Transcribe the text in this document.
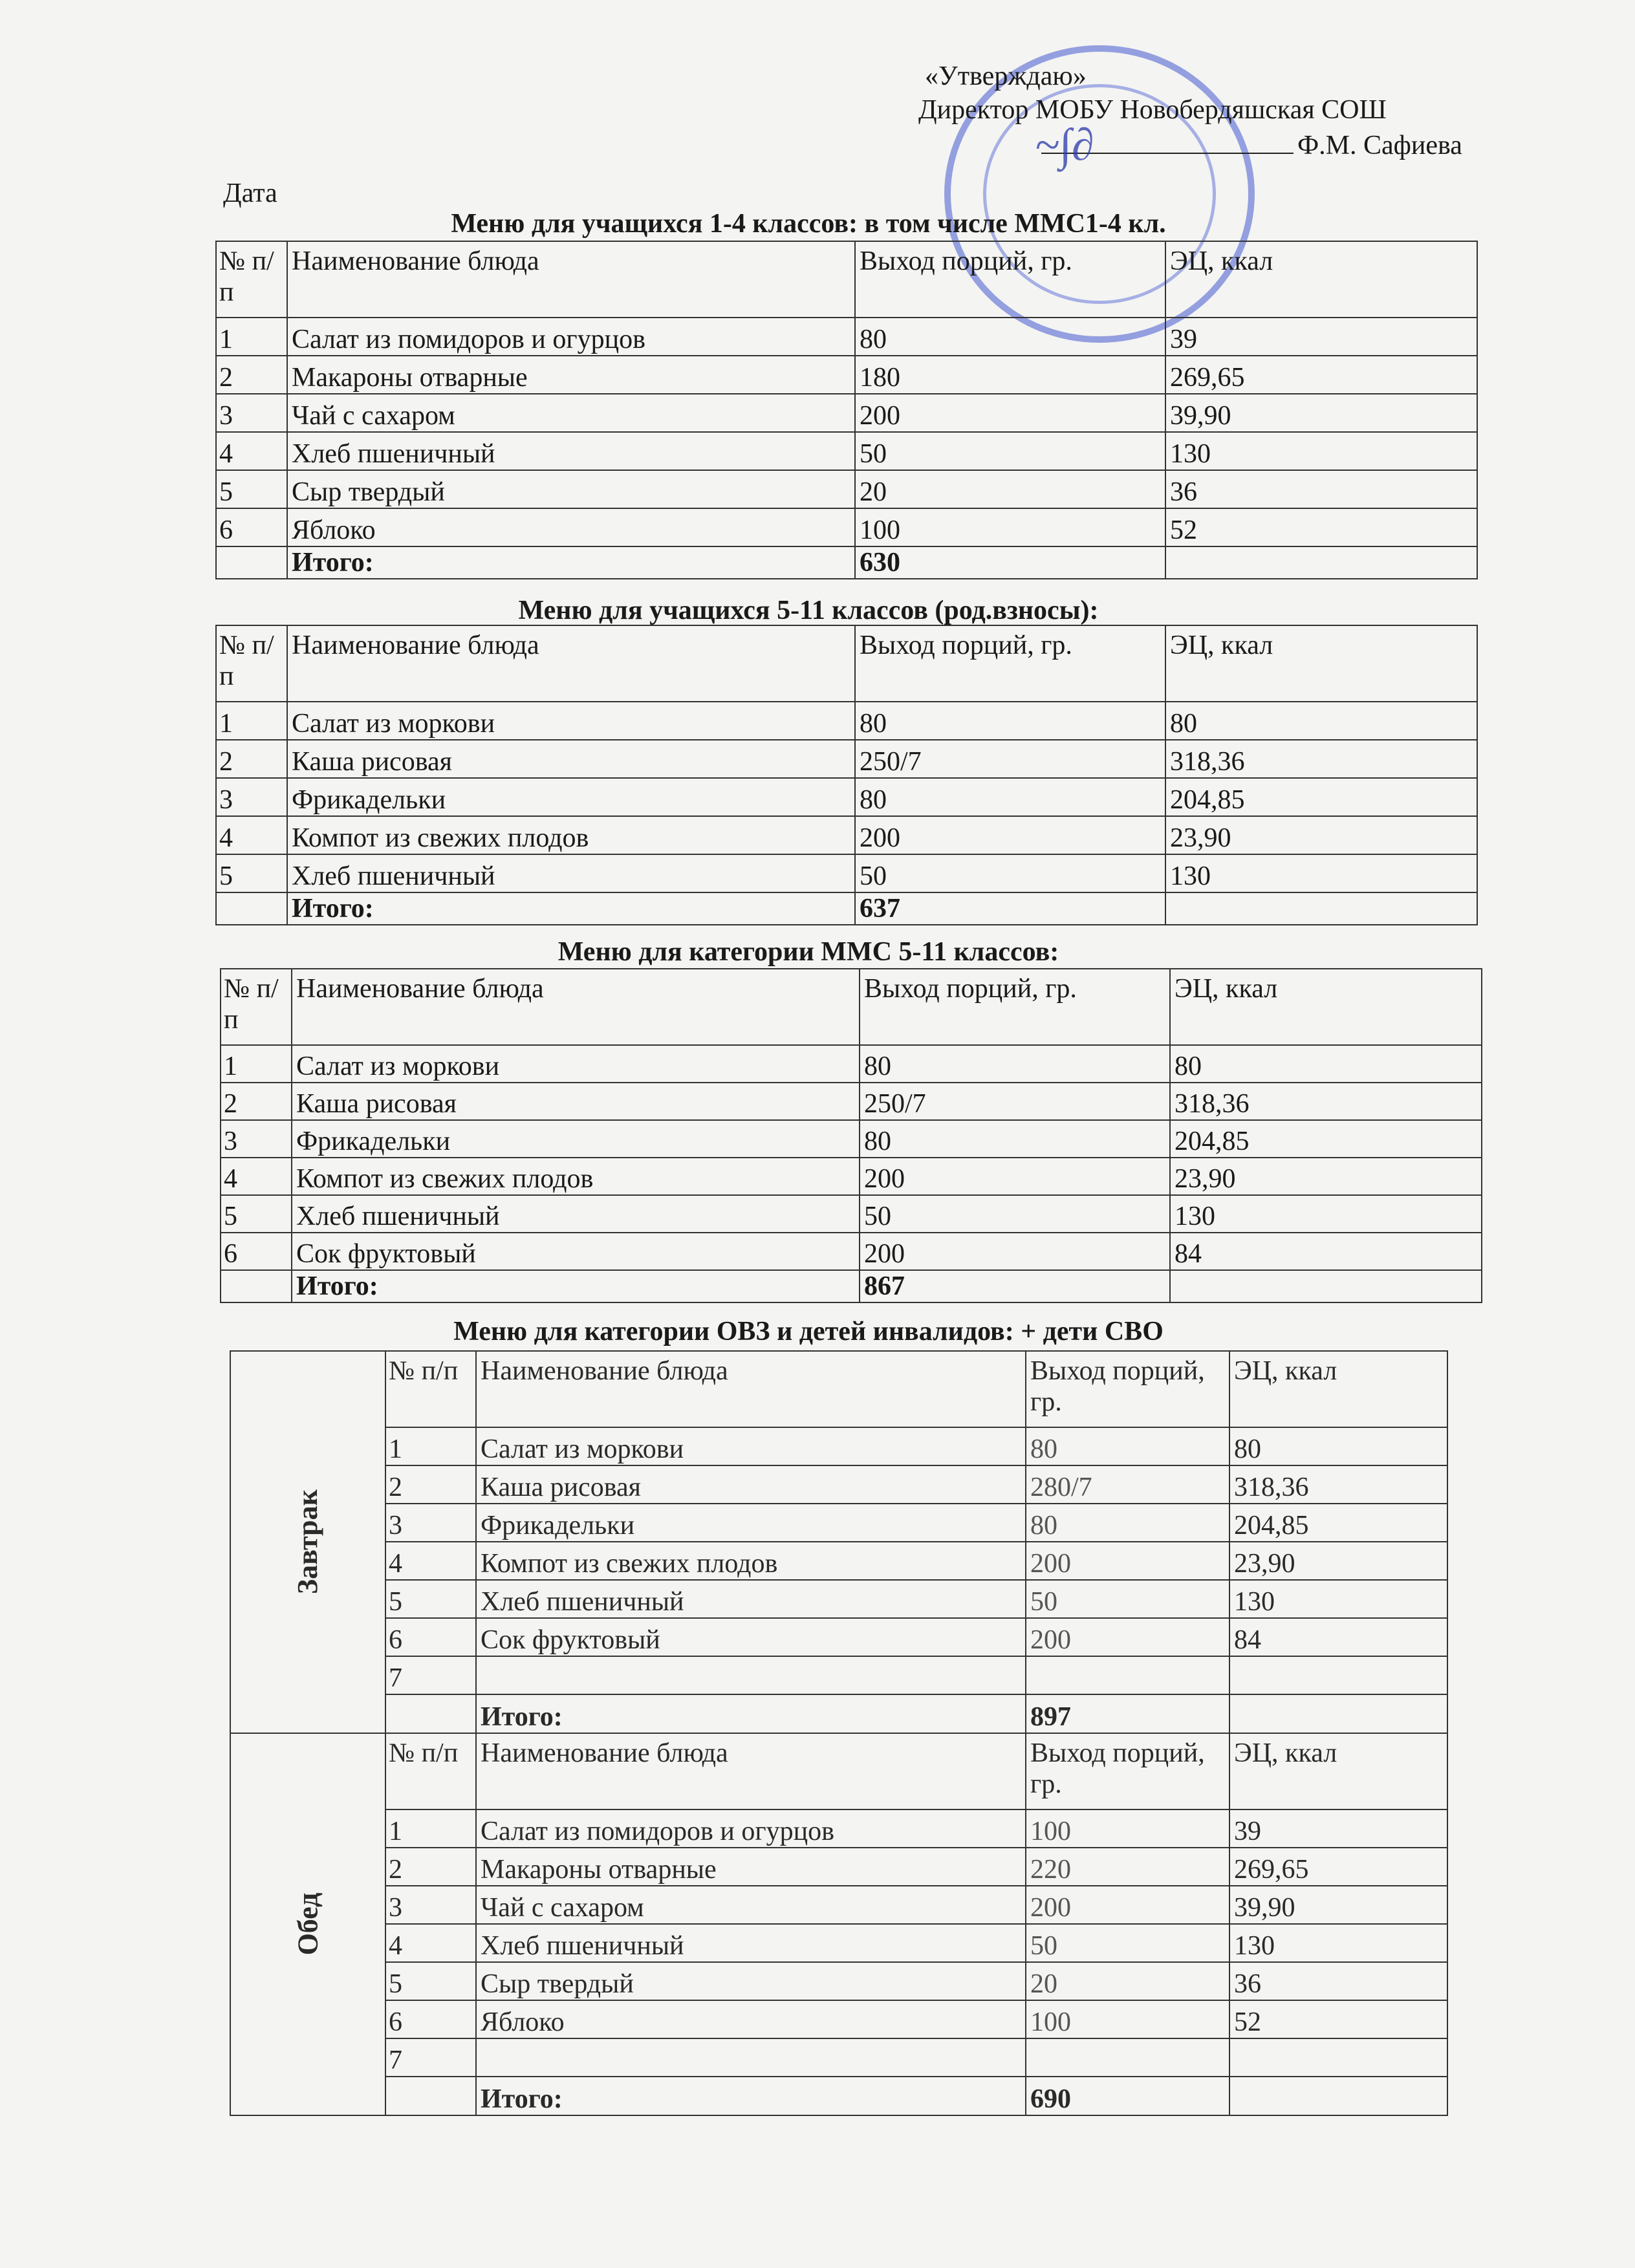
«Утверждаю»
Директор МОБУ Новобердяшская СОШ
Ф.М. Сафиева
~∫∂
Дата
Меню для учащихся 1-4 классов: в том числе ММС1-4 кл.
№ п/п	Наименование блюда	Выход порций, гр.	ЭЦ, ккал
1	Салат из помидоров и огурцов	80	39
2	Макароны отварные	180	269,65
3	Чай с сахаром	200	39,90
4	Хлеб пшеничный	50	130
5	Сыр твердый	20	36
6	Яблоко	100	52
	Итого:	630	
Меню для учащихся 5-11 классов (род.взносы):
№ п/п	Наименование блюда	Выход порций, гр.	ЭЦ, ккал
1	Салат из моркови	80	80
2	Каша рисовая	250/7	318,36
3	Фрикадельки	80	204,85
4	Компот из свежих плодов	200	23,90
5	Хлеб пшеничный	50	130
	Итого:	637	
Меню для категории ММС 5-11 классов:
№ п/п	Наименование блюда	Выход порций, гр.	ЭЦ, ккал
1	Салат из моркови	80	80
2	Каша рисовая	250/7	318,36
3	Фрикадельки	80	204,85
4	Компот из свежих плодов	200	23,90
5	Хлеб пшеничный	50	130
6	Сок фруктовый	200	84
	Итого:	867	
Меню для категории ОВЗ и детей инвалидов: + дети СВО
Завтрак	№ п/п	Наименование блюда	Выход порций, гр.	ЭЦ, ккал
	1	Салат из моркови	80	80
	2	Каша рисовая	280/7	318,36
	3	Фрикадельки	80	204,85
	4	Компот из свежих плодов	200	23,90
	5	Хлеб пшеничный	50	130
	6	Сок фруктовый	200	84
	7			
		Итого:	897	
Обед	№ п/п	Наименование блюда	Выход порций, гр.	ЭЦ, ккал
	1	Салат из помидоров и огурцов	100	39
	2	Макароны отварные	220	269,65
	3	Чай с сахаром	200	39,90
	4	Хлеб пшеничный	50	130
	5	Сыр твердый	20	36
	6	Яблоко	100	52
	7			
		Итого:	690	
